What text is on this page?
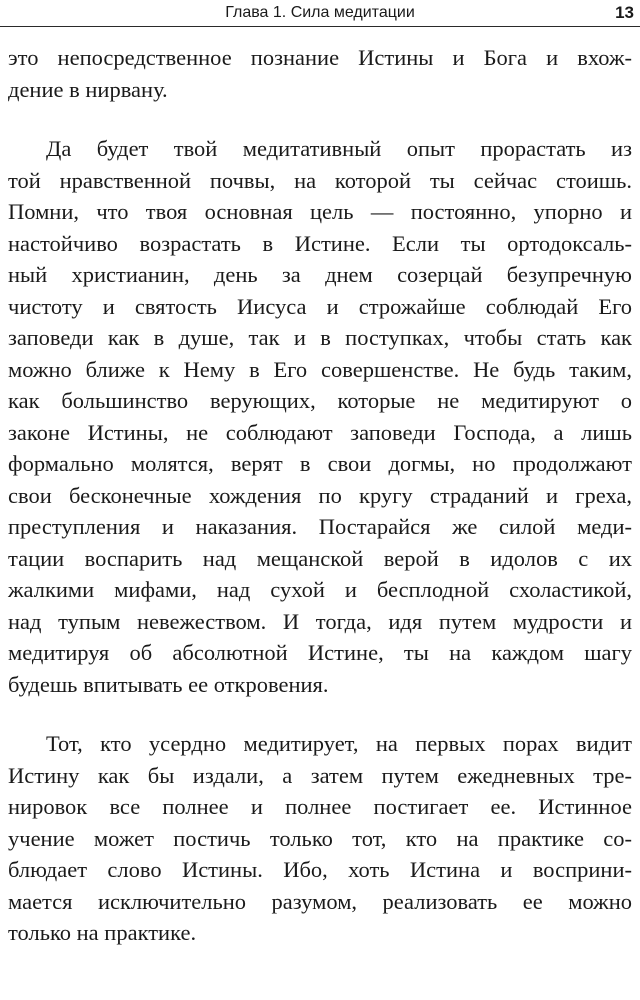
Глава 1. Сила медитации	13

это непосредственное познание Истины и Бога и вхож-
дение в нирвану.

Да будет твой медитативный опыт прорастать из
той нравственной почвы, на которой ты сейчас стоишь.
Помни, что твоя основная цель — постоянно, упорно и
настойчиво возрастать в Истине. Если ты ортодоксаль-
ный христианин, день за днем созерцай безупречную
чистоту и святость Иисуса и строжайше соблюдай Его
заповеди как в душе, так и в поступках, чтобы стать как
можно ближе к Нему в Его совершенстве. Не будь таким,
как большинство верующих, которые не медитируют о
законе Истины, не соблюдают заповеди Господа, а лишь
формально молятся, верят в свои догмы, но продолжают
свои бесконечные хождения по кругу страданий и греха,
преступления и наказания. Постарайся же силой меди-
тации воспарить над мещанской верой в идолов с их
жалкими мифами, над сухой и бесплодной схоластикой,
над тупым невежеством. И тогда, идя путем мудрости и
медитируя об абсолютной Истине, ты на каждом шагу
будешь впитывать ее откровения.

Тот, кто усердно медитирует, на первых порах видит
Истину как бы издали, а затем путем ежедневных тре-
нировок все полнее и полнее постигает ее. Истинное
учение может постичь только тот, кто на практике со-
блюдает слово Истины. Ибо, хоть Истина и восприни-
мается исключительно разумом, реализовать ее можно
только на практике.
